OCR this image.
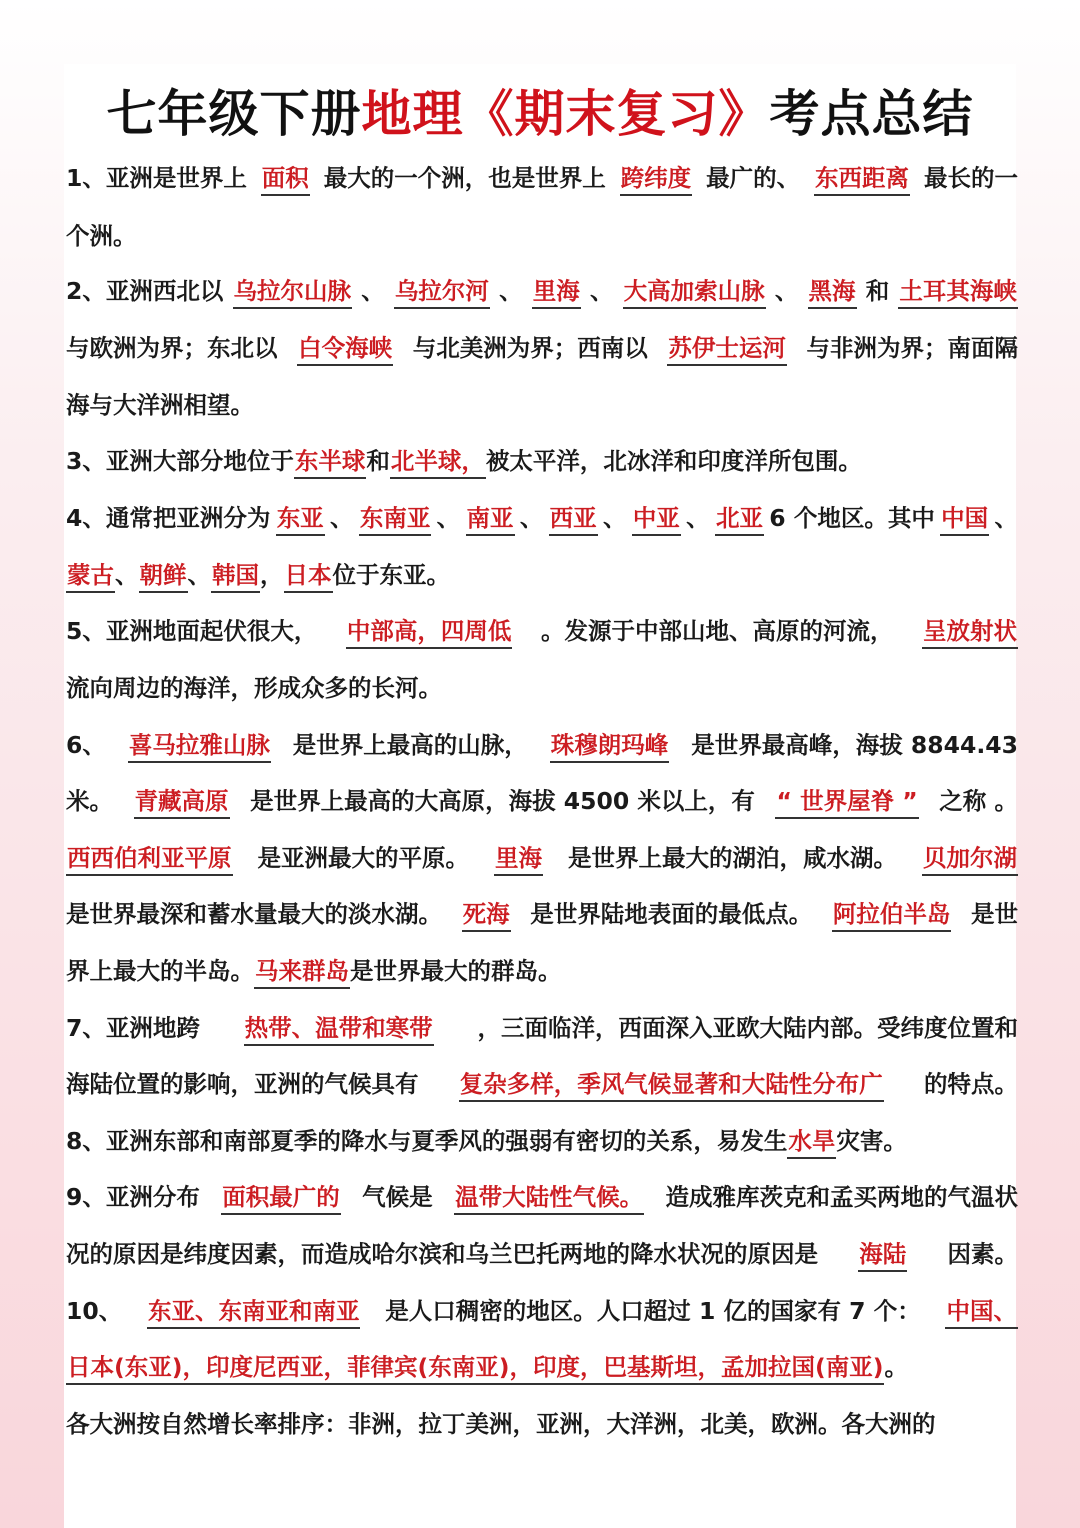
七年级下册地理《期末复习》考点总结
1、亚洲是世界上 面积 最大的一个洲，也是世界上 跨纬度 最广的、 东西距离 最长的一
个洲。
2、亚洲西北以 乌拉尔山脉 、 乌拉尔河 、 里海 、 大高加索山脉 、 黑海 和 土耳其海峡
与欧洲为界；东北以 白令海峡 与北美洲为界；西南以 苏伊士运河 与非洲为界；南面隔
海与大洋洲相望。
3、亚洲大部分地位于 东半球 和 北半球， 被太平洋，北冰洋和印度洋所包围。
4、通常把亚洲分为 东亚 、 东南亚 、 南亚 、 西亚 、 中亚 、 北亚 6 个地区。其中 中国 、
蒙古 、 朝鲜 、 韩国 ， 日本 位于东亚。
5、亚洲地面起伏很大， 中部高，四周低 。发源于中部山地、高原的河流， 呈放射状
流向周边的海洋，形成众多的长河。
6、 喜马拉雅山脉 是世界上最高的山脉， 珠穆朗玛峰 是世界最高峰，海拔 8844.43
米。 青藏高原 是世界上最高的大高原，海拔 4500 米以上，有 “ 世界屋脊 ” 之称 。
西西伯利亚平原 是亚洲最大的平原。 里海 是世界上最大的湖泊，咸水湖。 贝加尔湖
是世界最深和蓄水量最大的淡水湖。 死海 是世界陆地表面的最低点。 阿拉伯半岛 是世
界上最大的半岛。 马来群岛 是世界最大的群岛。
7、亚洲地跨 热带、温带和寒带 ，三面临洋，西面深入亚欧大陆内部。受纬度位置和
海陆位置的影响，亚洲的气候具有 复杂多样，季风气候显著和大陆性分布广 的特点。
8、亚洲东部和南部夏季的降水与夏季风的强弱有密切的关系，易发生 水旱 灾害。
9、亚洲分布 面积最广的 气候是 温带大陆性气候。 造成雅库茨克和孟买两地的气温状
况的原因是纬度因素，而造成哈尔滨和乌兰巴托两地的降水状况的原因是 海陆 因素。
10、 东亚、东南亚和南亚 是人口稠密的地区。人口超过 1 亿的国家有 7 个： 中国、
日本(东亚)，印度尼西亚，菲律宾(东南亚)，印度，巴基斯坦，孟加拉国(南亚) 。
各大洲按自然增长率排序：非洲，拉丁美洲，亚洲，大洋洲，北美，欧洲。各大洲的
